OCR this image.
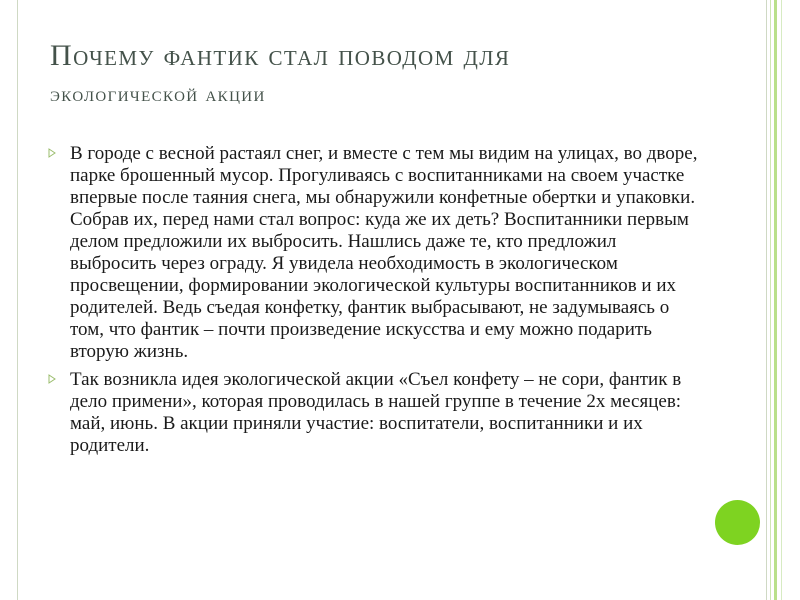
Почему фантик стал поводом для
экологической акции
В городе с весной растаял снег, и вместе с тем мы видим на улицах, во дворе, парке брошенный мусор. Прогуливаясь с воспитанниками на своем участке впервые после таяния снега, мы обнаружили конфетные обертки и упаковки. Собрав их, перед нами стал вопрос: куда же их деть? Воспитанники первым делом предложили их выбросить. Нашлись даже те, кто предложил выбросить через ограду. Я увидела необходимость в экологическом просвещении, формировании экологической культуры воспитанников и их родителей. Ведь съедая конфетку, фантик выбрасывают, не задумываясь о том, что фантик – почти произведение искусства и ему можно подарить вторую жизнь.
Так возникла идея экологической акции «Съел конфету – не сори, фантик в дело примени», которая проводилась в нашей группе в течение 2х месяцев: май, июнь. В акции приняли участие: воспитатели, воспитанники и их родители.
